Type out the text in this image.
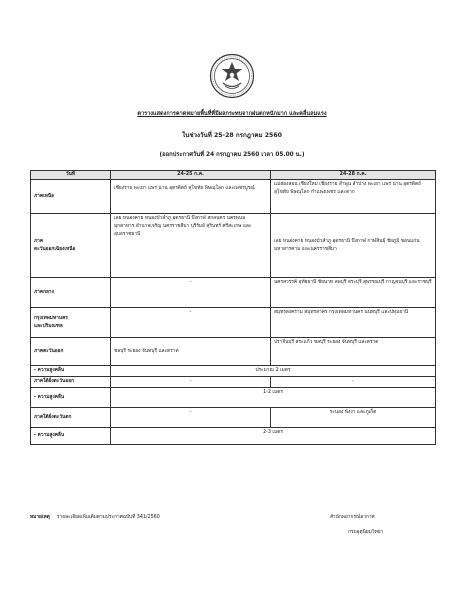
ตารางแสดงการคาดหมายพื้นที่ที่มีผลกระทบจากฝนตกหนักมาก และคลื่นลมแรง
ในช่วงวันที่ 25-28 กรกฎาคม 2560
(ออกประกาศวันที่ 24 กรกฎาคม 2560 เวลา 05.00 น.)
วันที่	24-25 ก.ค.	24-28 ก.ค.
ภาคเหนือ	เชียงราย พะเยา แพร่ น่าน อุตรดิตถ์ สุโขทัย พิษณุโลก และเพชรบูรณ์	แม่ฮ่องสอน เชียงใหม่ เชียงราย ลำพูน ลำปาง พะเยา แพร่ น่าน อุตรดิตถ์ สุโขทัย พิษณุโลก กำแพงเพชร และตาก

ภาค
ตะวันออกเฉียงเหนือ	เลย หนองคาย หนองบัวลำภู อุดรธานี บึงกาฬ สกลนคร นครพนม มุกดาหาร อำนาจเจริญ นครราชสีมา บุรีรัมย์ สุรินทร์ ศรีสะเกษ และอุบลราชธานี	เลย หนองคาย หนองบัวลำภู อุดรธานี บึงกาฬ กาฬสินธุ์ ชัยภูมิ ขอนแก่น มหาสารคาม และนครราชสีมา
ภาคกลาง	-	นครสวรรค์ อุทัยธานี ชัยนาท ลพบุรี สระบุรี สุพรรณบุรี กาญจนบุรี และราชบุรี

กรุงเทพมหานคร
และปริมณฑล	-	สมุทรสงคราม สมุทรสาคร กรุงเทพมหานคร นนทบุรี และปทุมธานี
ภาคตะวันออก	ชลบุรี ระยอง จันทบุรี และตราด	ปราจีนบุรี สระแก้ว ชลบุรี ระยอง จันทบุรี และตราด
- ความสูงคลื่น	ประมาณ 2 เมตร	
ภาคใต้ฝั่งตะวันออก	-	-
- ความสูงคลื่น	1-2 เมตร	
ภาคใต้ฝั่งตะวันตก	-	ระนอง พังงา และภูเก็ต
- ความสูงคลื่น	2-3 เมตร	
หมายเหตุ รายละเอียดเพิ่มเติมตามประกาศฉบับที่ 341/2560	สำนักพยากรณ์อากาศ
กรมอุตุนิยมวิทยา
